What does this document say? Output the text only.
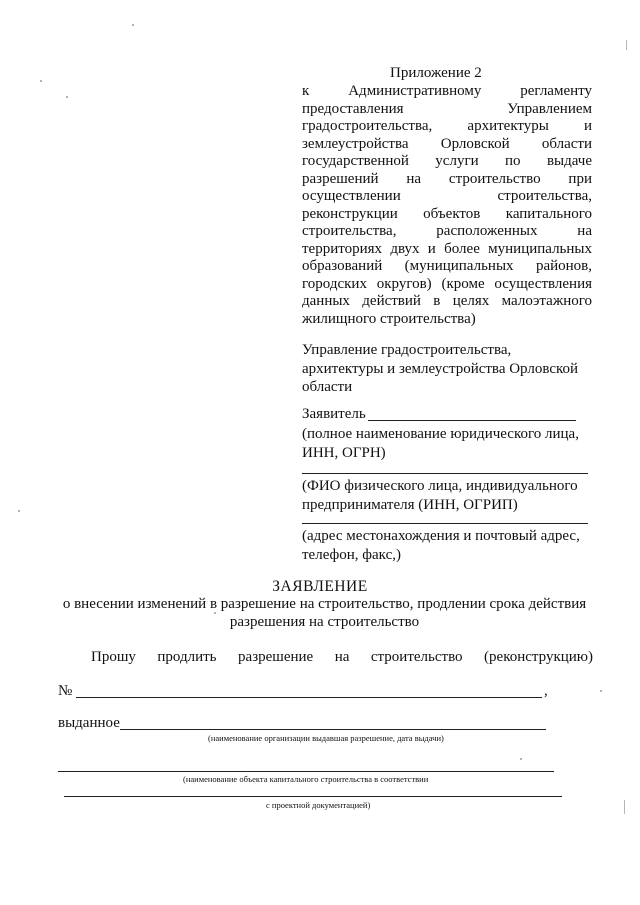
Приложение 2

к Административному регламенту предоставления Управлением градостроительства, архитектуры и землеустройства Орловской области государственной услуги по выдаче разрешений на строительство при осуществлении строительства, реконструкции объектов капитального строительства, расположенных на территориях двух и более муниципальных образований (муниципальных районов, городских округов) (кроме осуществления данных действий в целях малоэтажного жилищного строительства)

Управление градостроительства, архитектуры и землеустройства Орловской области

Заявитель

(полное наименование юридического лица, ИНН, ОГРН)

(ФИО физического лица, индивидуального предпринимателя (ИНН, ОГРИП)

(адрес местонахождения и почтовый адрес, телефон, факс,)

ЗАЯВЛЕНИЕ

о внесении изменений в разрешение на строительство, продлении срока действия разрешения на строительство

Прошу продлить разрешение на строительство (реконструкцию)
№	,
выданное
(наименование организации выдавшая разрешение, дата выдачи)
(наименование объекта капитального строительства в соответствии
с проектной документацией)
